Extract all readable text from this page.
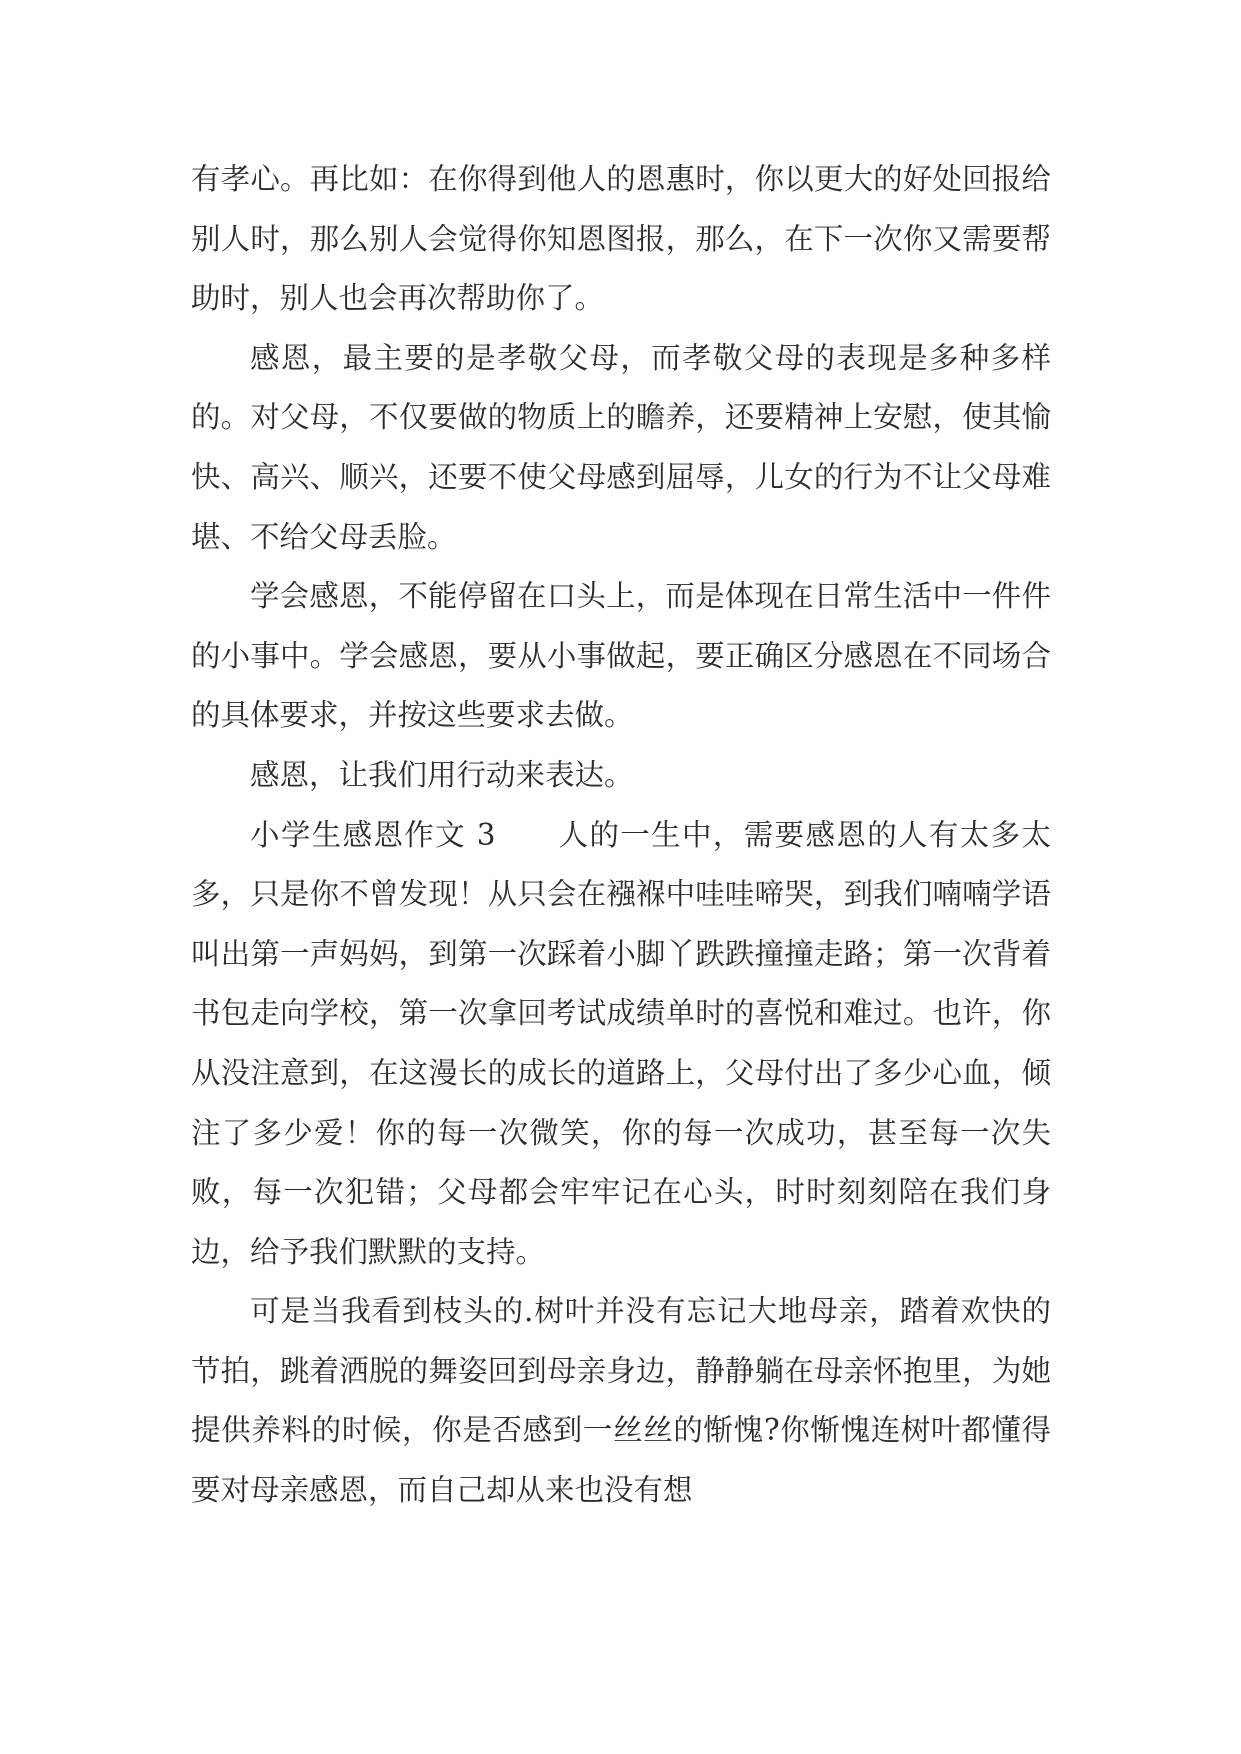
有孝心。再比如：在你得到他人的恩惠时，你以更大的好处回报给别人时，那么别人会觉得你知恩图报，那么，在下一次你又需要帮助时，别人也会再次帮助你了。

感恩，最主要的是孝敬父母，而孝敬父母的表现是多种多样的。对父母，不仅要做的物质上的瞻养，还要精神上安慰，使其愉快、高兴、顺兴，还要不使父母感到屈辱，儿女的行为不让父母难堪、不给父母丢脸。

学会感恩，不能停留在口头上，而是体现在日常生活中一件件的小事中。学会感恩，要从小事做起，要正确区分感恩在不同场合的具体要求，并按这些要求去做。

感恩，让我们用行动来表达。

小学生感恩作文 3　　人的一生中，需要感恩的人有太多太多，只是你不曾发现！从只会在襁褓中哇哇啼哭，到我们喃喃学语叫出第一声妈妈，到第一次踩着小脚丫跌跌撞撞走路；第一次背着书包走向学校，第一次拿回考试成绩单时的喜悦和难过。也许，你从没注意到，在这漫长的成长的道路上，父母付出了多少心血，倾注了多少爱！你的每一次微笑，你的每一次成功，甚至每一次失败，每一次犯错；父母都会牢牢记在心头，时时刻刻陪在我们身边，给予我们默默的支持。

可是当我看到枝头的.树叶并没有忘记大地母亲，踏着欢快的节拍，跳着洒脱的舞姿回到母亲身边，静静躺在母亲怀抱里，为她提供养料的时候，你是否感到一丝丝的惭愧?你惭愧连树叶都懂得要对母亲感恩，而自己却从来也没有想
